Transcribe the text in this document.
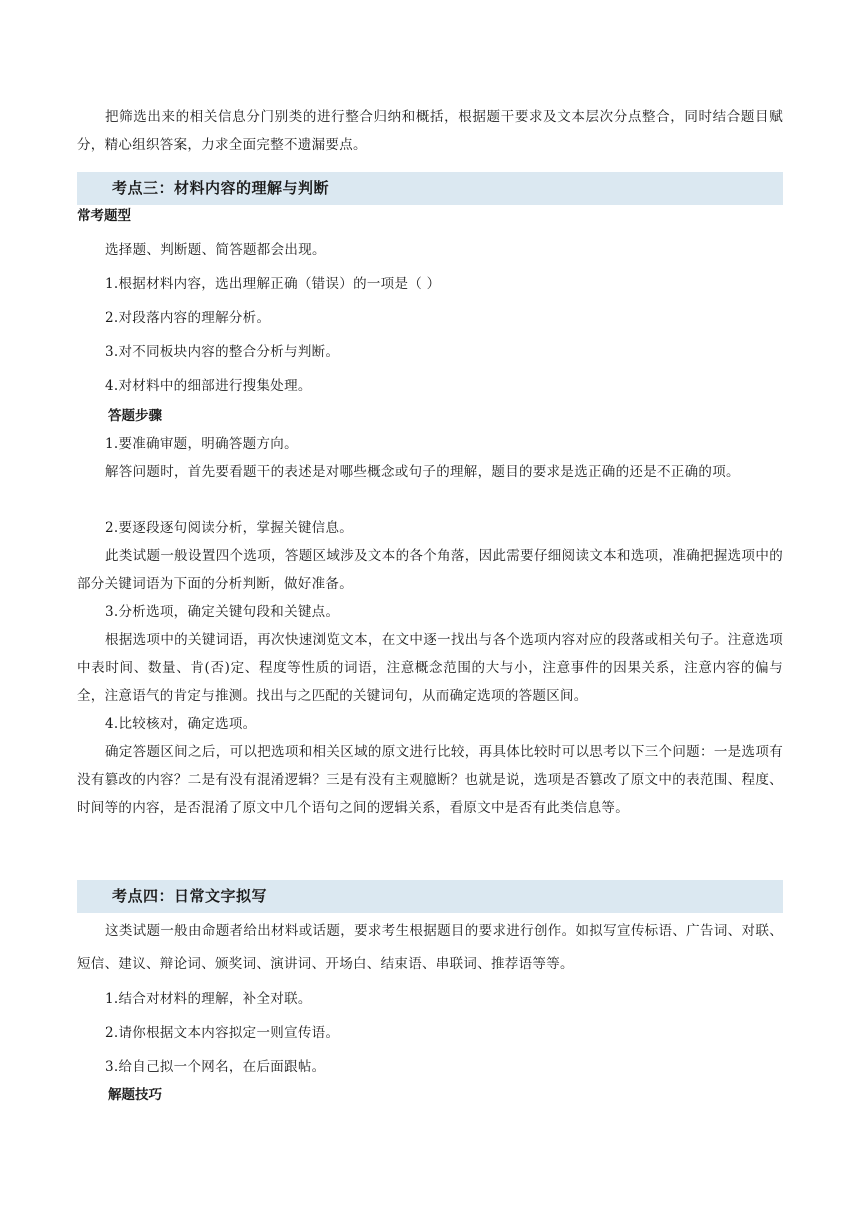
把筛选出来的相关信息分门别类的进行整合归纳和概括，根据题干要求及文本层次分点整合，同时结合题目赋分，精心组织答案，力求全面完整不遗漏要点。

考点三：材料内容的理解与判断
常考题型

选择题、判断题、简答题都会出现。

1.根据材料内容，选出理解正确（错误）的一项是（ ）

2.对段落内容的理解分析。

3.对不同板块内容的整合分析与判断。

4.对材料中的细部进行搜集处理。

答题步骤

1.要准确审题，明确答题方向。

解答问题时，首先要看题干的表述是对哪些概念或句子的理解，题目的要求是选正确的还是不正确的项。

2.要逐段逐句阅读分析，掌握关键信息。

此类试题一般设置四个选项，答题区域涉及文本的各个角落，因此需要仔细阅读文本和选项，准确把握选项中的部分关键词语为下面的分析判断，做好准备。

3.分析选项，确定关键句段和关键点。

根据选项中的关键词语，再次快速浏览文本，在文中逐一找出与各个选项内容对应的段落或相关句子。注意选项中表时间、数量、肯(否)定、程度等性质的词语，注意概念范围的大与小，注意事件的因果关系，注意内容的偏与全，注意语气的肯定与推测。找出与之匹配的关键词句，从而确定选项的答题区间。

4.比较核对，确定选项。

确定答题区间之后，可以把选项和相关区域的原文进行比较，再具体比较时可以思考以下三个问题：一是选项有没有篡改的内容？二是有没有混淆逻辑？三是有没有主观臆断？也就是说，选项是否篡改了原文中的表范围、程度、时间等的内容，是否混淆了原文中几个语句之间的逻辑关系，看原文中是否有此类信息等。

考点四：日常文字拟写

这类试题一般由命题者给出材料或话题，要求考生根据题目的要求进行创作。如拟写宣传标语、广告词、对联、短信、建议、辩论词、颁奖词、演讲词、开场白、结束语、串联词、推荐语等等。

1.结合对材料的理解，补全对联。

2.请你根据文本内容拟定一则宣传语。

3.给自己拟一个网名，在后面跟帖。

解题技巧
